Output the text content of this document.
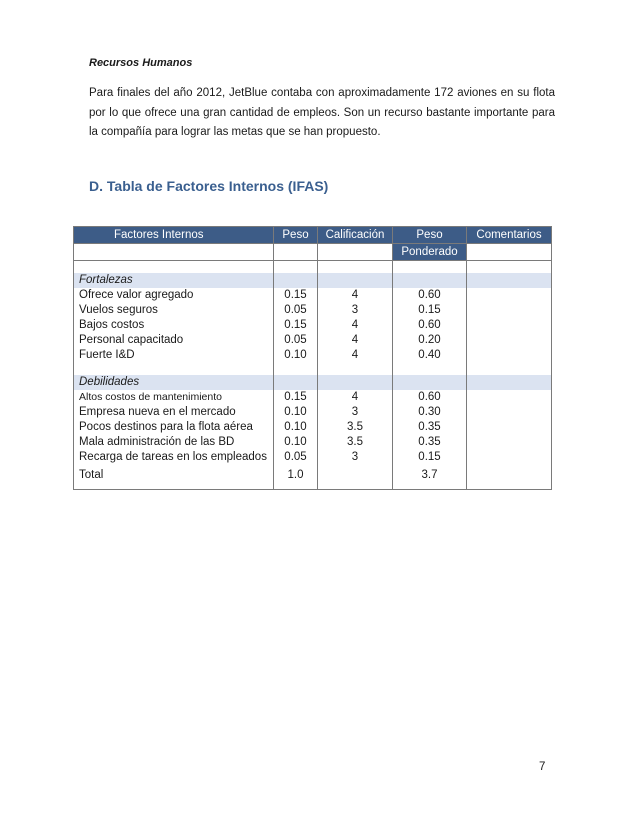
Recursos Humanos

Para finales del año 2012, JetBlue contaba con aproximadamente 172 aviones en su flota por lo que ofrece una gran cantidad de empleos. Son un recurso bastante importante para la compañía para lograr las metas que se han propuesto.

D. Tabla de Factores Internos (IFAS)
Factores Internos	Peso	Calificación	Peso	Comentarios
			Ponderado	

Fortalezas				
Ofrece valor agregado	0.15	4	0.60	
Vuelos seguros	0.05	3	0.15	
Bajos costos	0.15	4	0.60	
Personal capacitado	0.05	4	0.20	
Fuerte I&D	0.10	4	0.40	

Debilidades				
Altos costos de mantenimiento	0.15	4	0.60	
Empresa nueva en el mercado	0.10	3	0.30	
Pocos destinos para la flota aérea	0.10	3.5	0.35	
Mala administración de las BD	0.10	3.5	0.35	
Recarga de tareas en los empleados	0.05	3	0.15	
Total	1.0		3.7	

7
